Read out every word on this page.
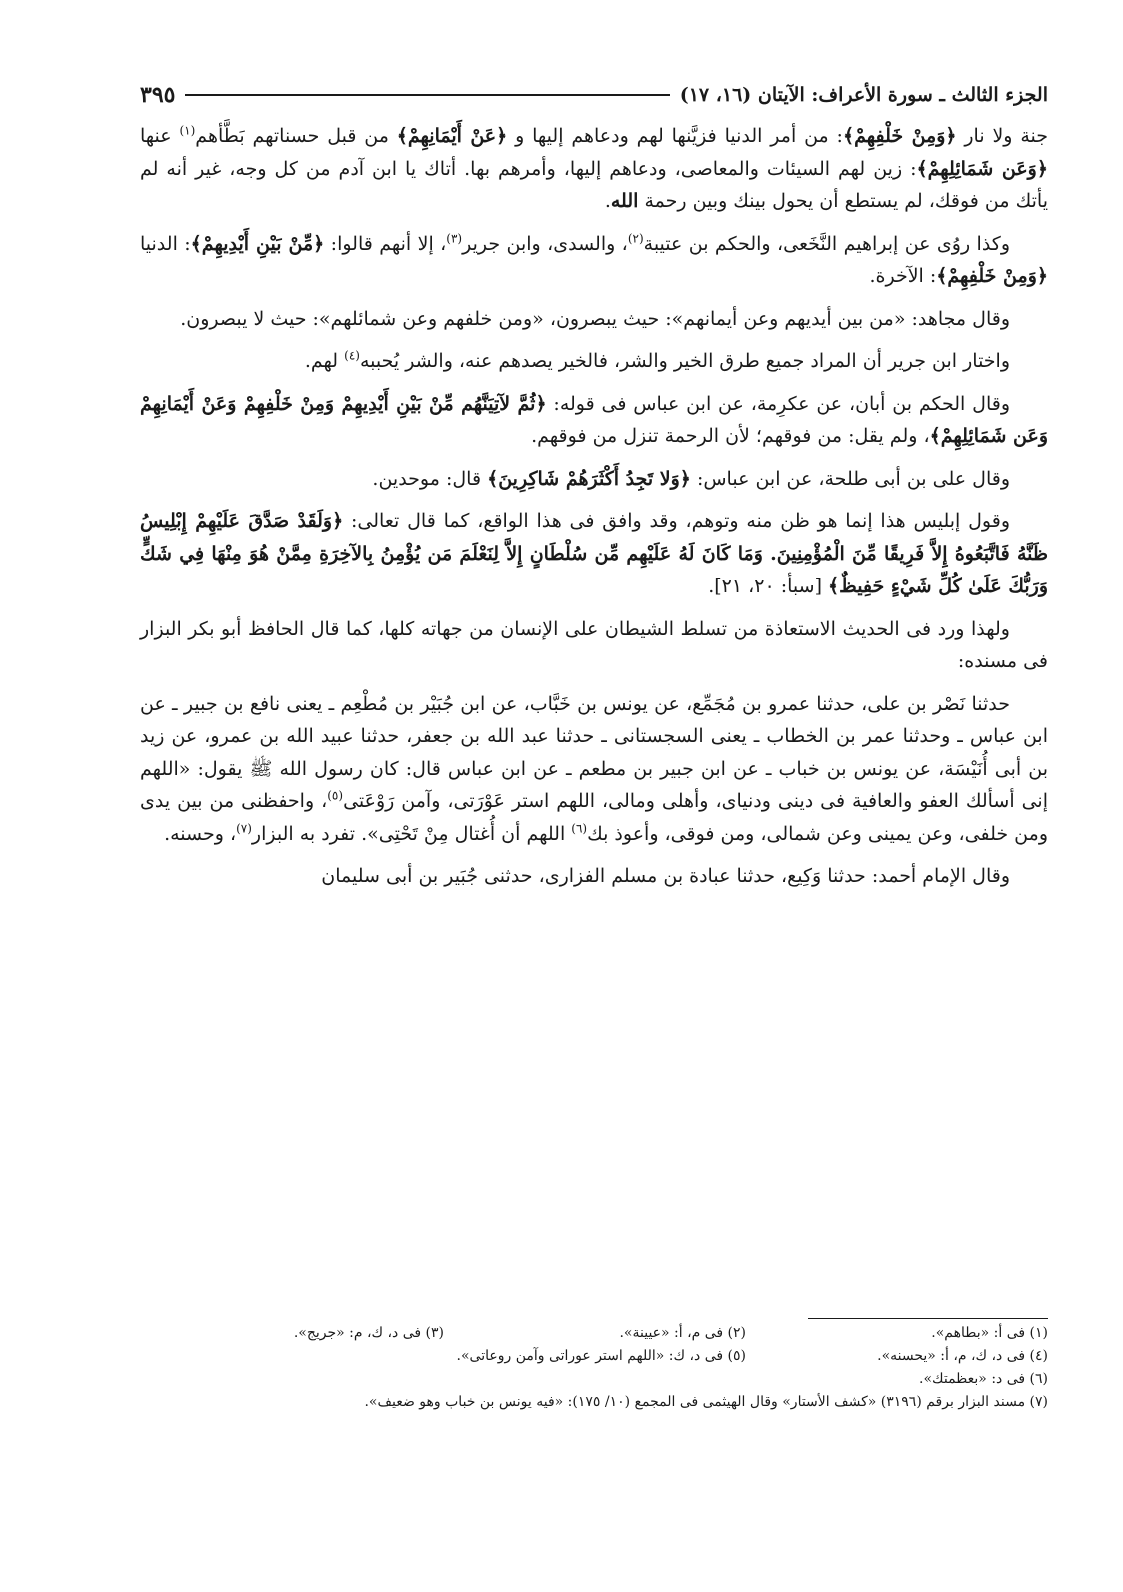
الجزء الثالث ـ سورة الأعراف: الآيتان (١٦، ١٧)
٣٩٥

جنة ولا نار ﴿وَمِنْ خَلْفِهِمْ﴾: من أمر الدنيا فزيَّنها لهم ودعاهم إليها و ﴿عَنْ أَيْمَانِهِمْ﴾ من قبل حسناتهم بَطَّأهم$^{(١)}$ عنها ﴿وَعَن شَمَائِلِهِمْ﴾: زين لهم السيئات والمعاصى، ودعاهم إليها، وأمرهم بها. أتاك يا ابن آدم من كل وجه، غير أنه لم يأتك من فوقك، لم يستطع أن يحول بينك وبين رحمة الله.

وكذا روُى عن إبراهيم النَّخَعى، والحكم بن عتيبة$^{(٢)}$، والسدى، وابن جرير$^{(٣)}$، إلا أنهم قالوا: ﴿مِّنْ بَيْنِ أَيْدِيهِمْ﴾: الدنيا ﴿وَمِنْ خَلْفِهِمْ﴾: الآخرة.

وقال مجاهد: «من بين أيديهم وعن أيمانهم»: حيث يبصرون، «ومن خلفهم وعن شمائلهم»: حيث لا يبصرون.

واختار ابن جرير أن المراد جميع طرق الخير والشر، فالخير يصدهم عنه، والشر يُحببه$^{(٤)}$ لهم.

وقال الحكم بن أبان، عن عكرِمة، عن ابن عباس فى قوله: ﴿ثُمَّ لآتِيَنَّهُم مِّنْ بَيْنِ أَيْدِيهِمْ وَمِنْ خَلْفِهِمْ وَعَنْ أَيْمَانِهِمْ وَعَن شَمَائِلِهِمْ﴾، ولم يقل: من فوقهم؛ لأن الرحمة تنزل من فوقهم.

وقال على بن أبى طلحة، عن ابن عباس: ﴿وَلا تَجِدُ أَكْثَرَهُمْ شَاكِرِينَ﴾ قال: موحدين.

وقول إبليس هذا إنما هو ظن منه وتوهم، وقد وافق فى هذا الواقع، كما قال تعالى: ﴿وَلَقَدْ صَدَّقَ عَلَيْهِمْ إِبْلِيسُ ظَنَّهُ فَاتَّبَعُوهُ إِلاَّ فَرِيقًا مِّنَ الْمُؤْمِنِينَ. وَمَا كَانَ لَهُ عَلَيْهِم مِّن سُلْطَانٍ إِلاَّ لِنَعْلَمَ مَن يُؤْمِنُ بِالآخِرَةِ مِمَّنْ هُوَ مِنْهَا فِي شَكٍّ وَرَبُّكَ عَلَىٰ كُلِّ شَيْءٍ حَفِيظٌ﴾ [سبأ: ٢٠، ٢١].

ولهذا ورد فى الحديث الاستعاذة من تسلط الشيطان على الإنسان من جهاته كلها، كما قال الحافظ أبو بكر البزار فى مسنده:

حدثنا نَصْر بن على، حدثنا عمرو بن مُجَمِّع، عن يونس بن خَبَّاب، عن ابن جُبَيْر بن مُطْعِم ـ يعنى نافع بن جبير ـ عن ابن عباس ـ وحدثنا عمر بن الخطاب ـ يعنى السجستانى ـ حدثنا عبد الله بن جعفر، حدثنا عبيد الله بن عمرو، عن زيد بن أبى أُنَيْسَة، عن يونس بن خباب ـ عن ابن جبير بن مطعم ـ عن ابن عباس قال: كان رسول الله ﷺ يقول: «اللهم إنى أسألك العفو والعافية فى دينى ودنياى، وأهلى ومالى، اللهم استر عَوْرَتى، وآمن رَوْعَتى$^{(٥)}$، واحفظنى من بين يدى ومن خلفى، وعن يمينى وعن شمالى، ومن فوقى، وأعوذ بك$^{(٦)}$ اللهم أن أُغتال مِنْ تَحْتِى». تفرد به البزار$^{(٧)}$، وحسنه.

وقال الإمام أحمد: حدثنا وَكِيع، حدثنا عبادة بن مسلم الفزارى، حدثنى جُبَير بن أبى سليمان

(١) فى أ: «بطاهم».
(٢) فى م، أ: «عيينة».
(٣) فى د، ك، م: «جريج».
(٤) فى د، ك، م، أ: «يحسنه».
(٥) فى د، ك: «اللهم استر عوراتى وآمن روعاتى».
(٦) فى د: «بعظمتك».
(٧) مسند البزار برقم (٣١٩٦) «كشف الأستار» وقال الهيثمى فى المجمع (١٠/ ١٧٥): «فيه يونس بن خباب وهو ضعيف».
